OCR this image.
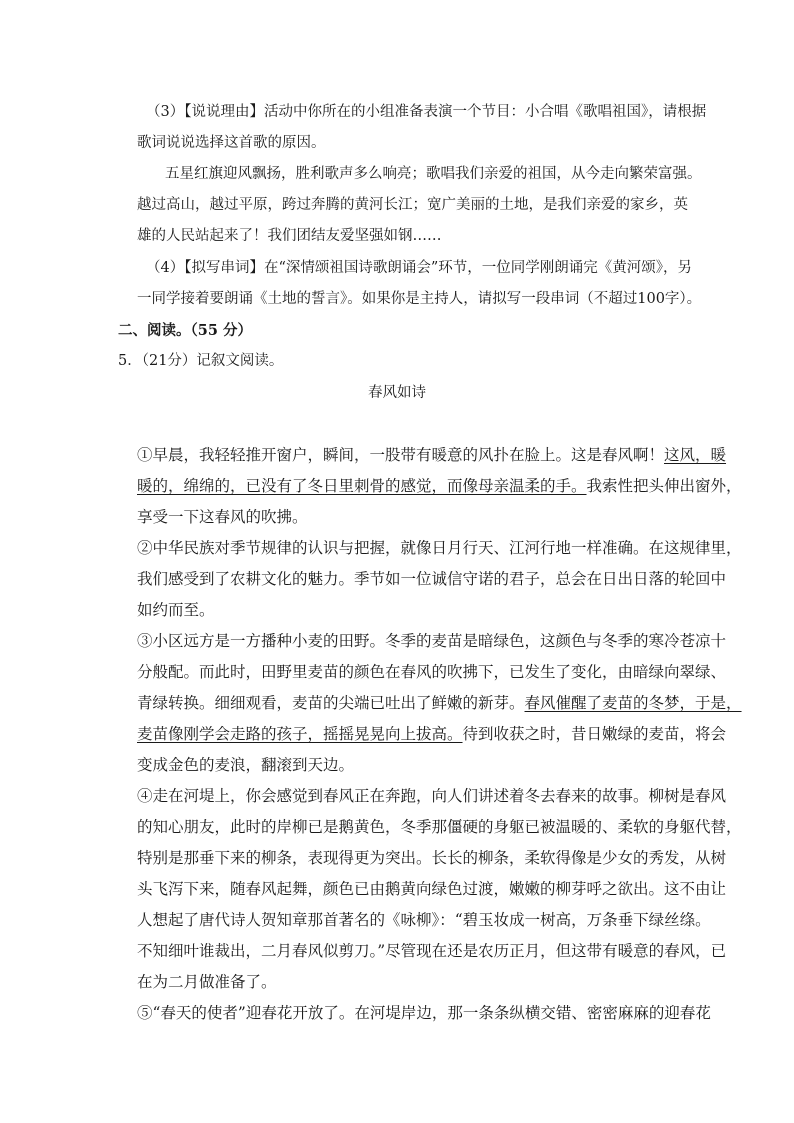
（3）【说说理由】活动中你所在的小组准备表演一个节目：小合唱《歌唱祖国》，请根据
歌词说说选择这首歌的原因。
五星红旗迎风飘扬，胜利歌声多么响亮；歌唱我们亲爱的祖国，从今走向繁荣富强。
越过高山，越过平原，跨过奔腾的黄河长江；宽广美丽的土地，是我们亲爱的家乡，英
雄的人民站起来了！我们团结友爱坚强如钢……
（4）【拟写串词】在“深情颂祖国诗歌朗诵会”环节，一位同学刚朗诵完《黄河颂》，另
一同学接着要朗诵《土地的誓言》。如果你是主持人，请拟写一段串词（不超过100字）。
二、阅读。（55 分）
5．（21分）记叙文阅读。
春风如诗
①早晨，我轻轻推开窗户，瞬间，一股带有暖意的风扑在脸上。这是春风啊！这风，暖
暖的，绵绵的，已没有了冬日里刺骨的感觉，而像母亲温柔的手。我索性把头伸出窗外，
享受一下这春风的吹拂。
②中华民族对季节规律的认识与把握，就像日月行天、江河行地一样准确。在这规律里，
我们感受到了农耕文化的魅力。季节如一位诚信守诺的君子，总会在日出日落的轮回中
如约而至。
③小区远方是一方播种小麦的田野。冬季的麦苗是暗绿色，这颜色与冬季的寒冷苍凉十
分般配。而此时，田野里麦苗的颜色在春风的吹拂下，已发生了变化，由暗绿向翠绿、
青绿转换。细细观看，麦苗的尖端已吐出了鲜嫩的新芽。春风催醒了麦苗的冬梦，于是，
麦苗像刚学会走路的孩子，摇摇晃晃向上拔高。待到收获之时，昔日嫩绿的麦苗，将会
变成金色的麦浪，翻滚到天边。
④走在河堤上，你会感觉到春风正在奔跑，向人们讲述着冬去春来的故事。柳树是春风
的知心朋友，此时的岸柳已是鹅黄色，冬季那僵硬的身躯已被温暖的、柔软的身躯代替，
特别是那垂下来的柳条，表现得更为突出。长长的柳条，柔软得像是少女的秀发，从树
头飞泻下来，随春风起舞，颜色已由鹅黄向绿色过渡，嫩嫩的柳芽呼之欲出。这不由让
人想起了唐代诗人贺知章那首著名的《咏柳》：“碧玉妆成一树高，万条垂下绿丝绦。
不知细叶谁裁出，二月春风似剪刀。”尽管现在还是农历正月，但这带有暖意的春风，已
在为二月做准备了。
⑤“春天的使者”迎春花开放了。在河堤岸边，那一条条纵横交错、密密麻麻的迎春花
